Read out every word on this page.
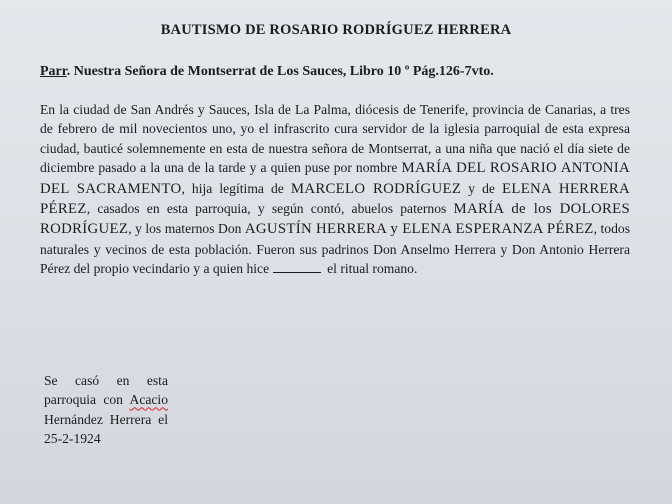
BAUTISMO DE ROSARIO RODRÍGUEZ HERRERA
Parr. Nuestra Señora de Montserrat de Los Sauces, Libro 10 º Pág.126-7vto.
En la ciudad de San Andrés y Sauces, Isla de La Palma, diócesis de Tenerife, provincia de Canarias, a tres de febrero de mil novecientos uno, yo el infrascrito cura servidor de la iglesia parroquial de esta expresa ciudad, bauticé solemnemente en esta de nuestra señora de Montserrat, a una niña que nació el día siete de diciembre pasado a la una de la tarde y a quien puse por nombre MARÍA DEL ROSARIO ANTONIA DEL SACRAMENTO, hija legítima de MARCELO RODRÍGUEZ y de ELENA HERRERA PÉREZ, casados en esta parroquia, y según contó, abuelos paternos MARÍA de los DOLORES RODRÍGUEZ, y los maternos Don AGUSTÍN HERRERA y ELENA ESPERANZA PÉREZ, todos naturales y vecinos de esta población. Fueron sus padrinos Don Anselmo Herrera y Don Antonio Herrera Pérez del propio vecindario y a quien hice	el ritual romano.
Se casó en esta parroquia con Acacio Hernández Herrera el 25-2-1924
